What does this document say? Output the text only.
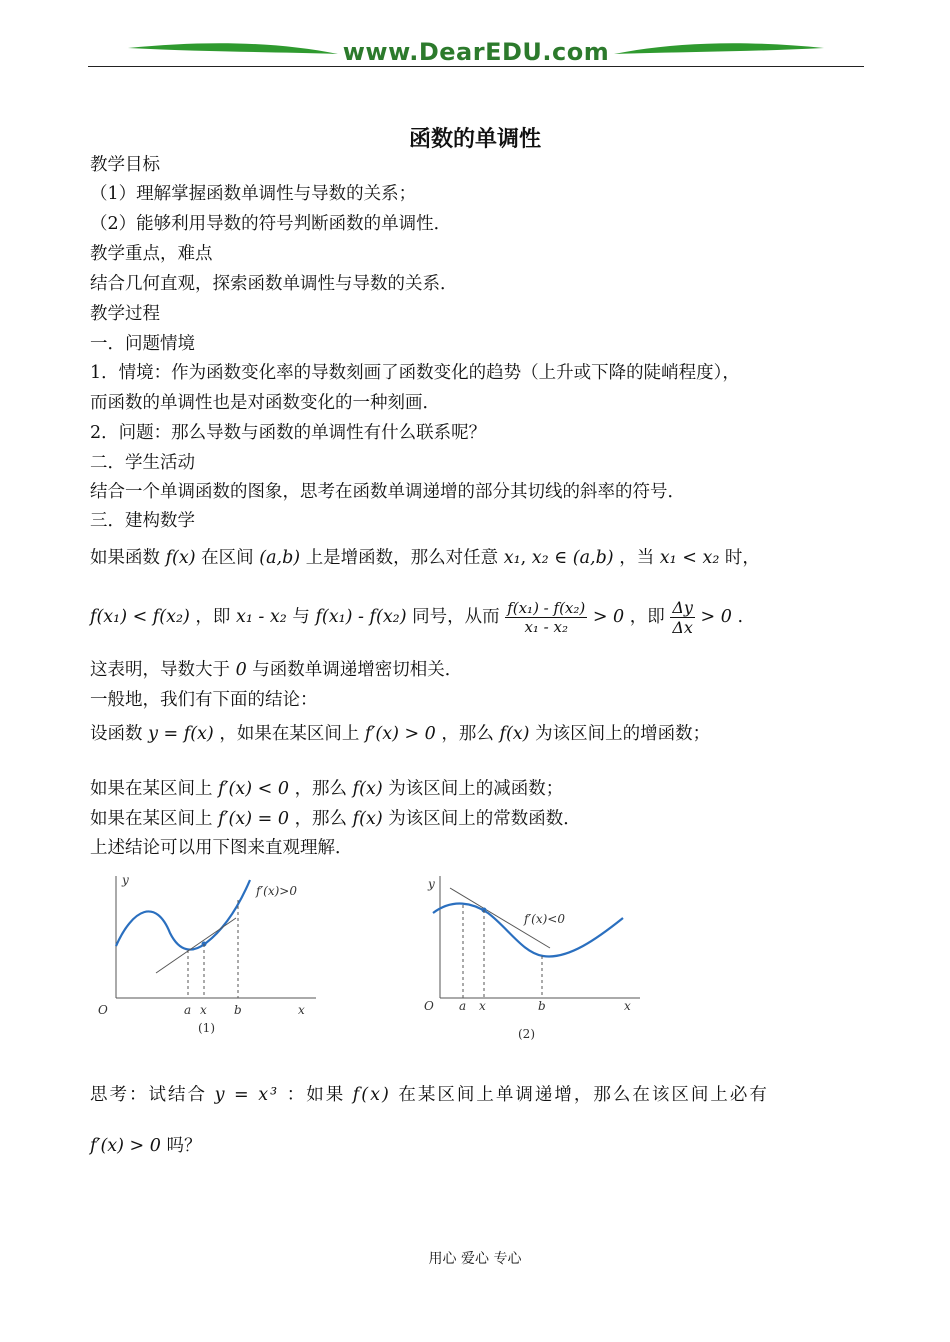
www.DearEDU.com
函数的单调性
教学目标
（1）理解掌握函数单调性与导数的关系；
（2）能够利用导数的符号判断函数的单调性．
教学重点，难点
结合几何直观，探索函数单调性与导数的关系．
教学过程
一．问题情境
1．情境：作为函数变化率的导数刻画了函数变化的趋势（上升或下降的陡峭程度），
而函数的单调性也是对函数变化的一种刻画．
2．问题：那么导数与函数的单调性有什么联系呢？
二．学生活动
结合一个单调函数的图象，思考在函数单调递增的部分其切线的斜率的符号．
三．建构数学
如果函数 f(x) 在区间 (a,b) 上是增函数，那么对任意 x₁, x₂ ∈ (a,b) ，当 x₁ < x₂ 时，
f(x₁) < f(x₂) ，即 x₁ - x₂ 与 f(x₁) - f(x₂) 同号，从而 $\frac{\text{f(x₁) - f(x₂)}}{\text{x₁ - x₂}} > 0$ ，即 $\frac{\Delta y}{\Delta x} > 0$ .
这表明，导数大于 0 与函数单调递增密切相关．
一般地，我们有下面的结论：
设函数 y = f(x) ，如果在某区间上 f′(x) > 0 ，那么 f(x) 为该区间上的增函数；
如果在某区间上 f′(x) < 0 ，那么 f(x) 为该区间上的减函数；
如果在某区间上 f′(x) = 0 ，那么 f(x) 为该区间上的常数函数．
上述结论可以用下图来直观理解．
f′(x)>0
y
x
O	a x b
(1)
f′(x)<0
y
x
O a x	b
(2)
思考：试结合 y = x³ ：如果 f(x) 在某区间上单调递增，那么在该区间上必有
f′(x) > 0 吗？
用心 爱心 专心
